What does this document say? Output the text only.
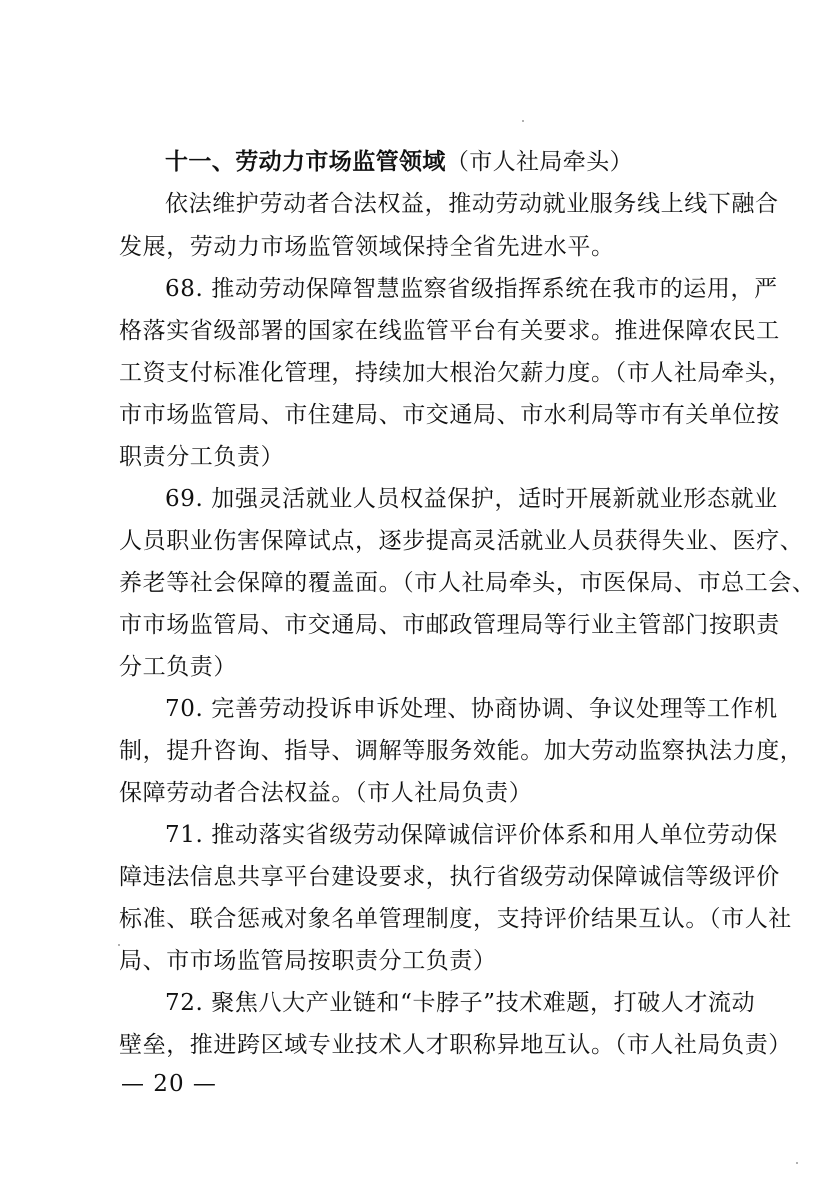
十一、劳动力市场监管领域（市人社局牵头）
依法维护劳动者合法权益，推动劳动就业服务线上线下融合
发展，劳动力市场监管领域保持全省先进水平。
68. 推动劳动保障智慧监察省级指挥系统在我市的运用，严
格落实省级部署的国家在线监管平台有关要求。推进保障农民工
工资支付标准化管理，持续加大根治欠薪力度。（市人社局牵头，
市市场监管局、市住建局、市交通局、市水利局等市有关单位按
职责分工负责）
69. 加强灵活就业人员权益保护，适时开展新就业形态就业
人员职业伤害保障试点，逐步提高灵活就业人员获得失业、医疗、
养老等社会保障的覆盖面。（市人社局牵头，市医保局、市总工会、
市市场监管局、市交通局、市邮政管理局等行业主管部门按职责
分工负责）
70. 完善劳动投诉申诉处理、协商协调、争议处理等工作机
制，提升咨询、指导、调解等服务效能。加大劳动监察执法力度，
保障劳动者合法权益。（市人社局负责）
71. 推动落实省级劳动保障诚信评价体系和用人单位劳动保
障违法信息共享平台建设要求，执行省级劳动保障诚信等级评价
标准、联合惩戒对象名单管理制度，支持评价结果互认。（市人社
局、市市场监管局按职责分工负责）
72. 聚焦八大产业链和“卡脖子”技术难题，打破人才流动
壁垒，推进跨区域专业技术人才职称异地互认。（市人社局负责）
— 20 —
